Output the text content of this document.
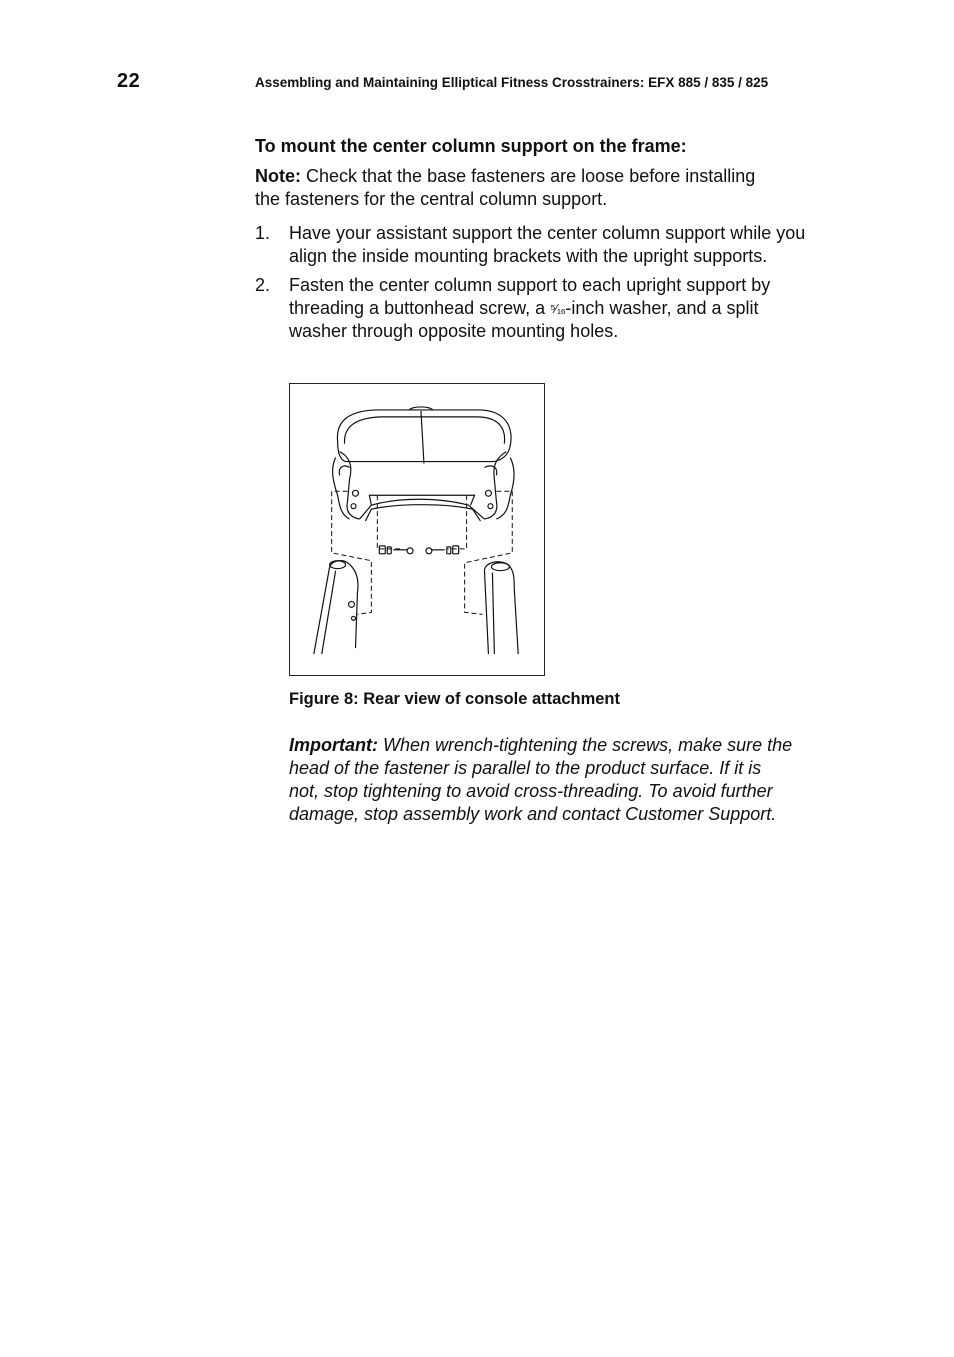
22	Assembling and Maintaining Elliptical Fitness Crosstrainers: EFX 885 / 835 / 825
To mount the center column support on the frame:
Note: Check that the base fasteners are loose before installing the fasteners for the central column support.
1. Have your assistant support the center column support while you align the inside mounting brackets with the upright supports.
2. Fasten the center column support to each upright support by threading a buttonhead screw, a ⁵⁄₁₆-inch washer, and a split washer through opposite mounting holes.
Figure 8: Rear view of console attachment
Important: When wrench-tightening the screws, make sure the head of the fastener is parallel to the product surface. If it is not, stop tightening to avoid cross-threading. To avoid further damage, stop assembly work and contact Customer Support.
